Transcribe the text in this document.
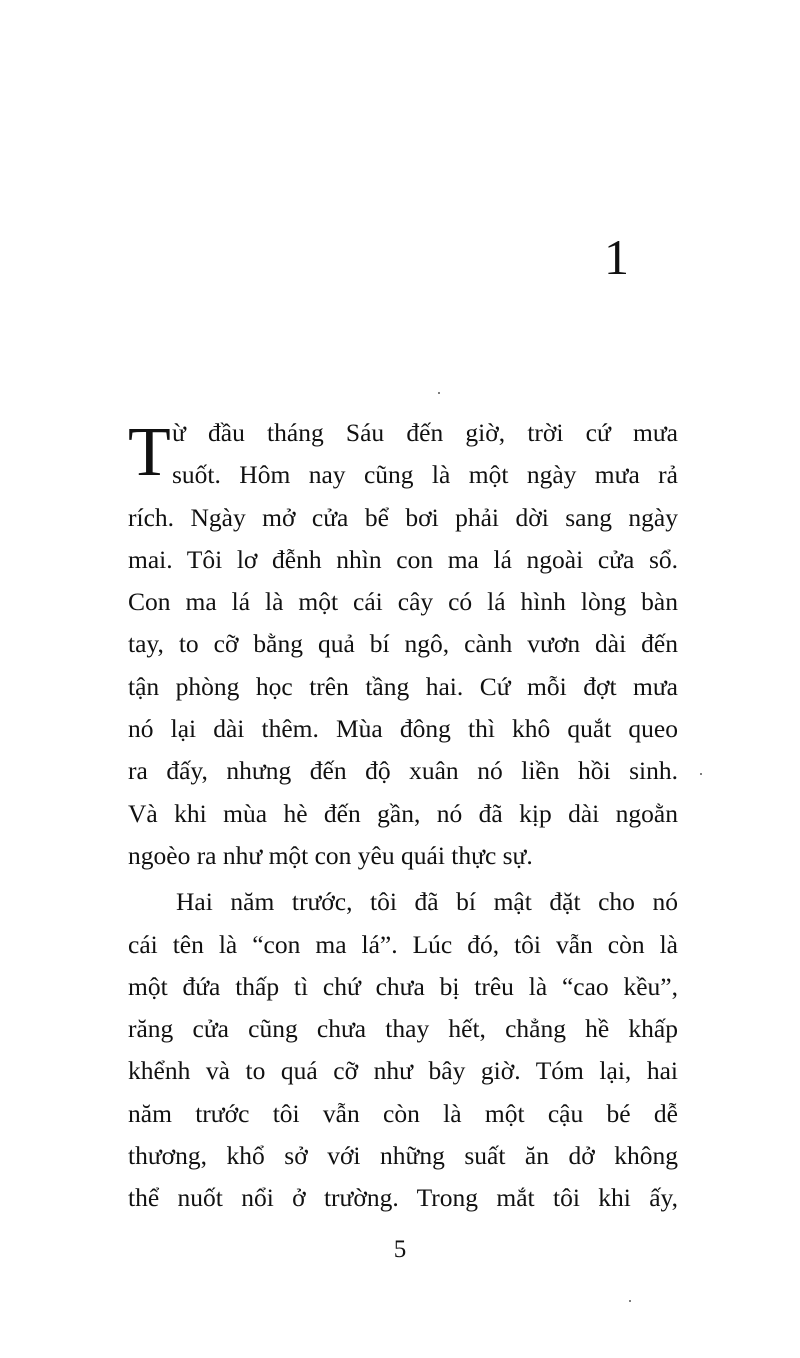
1
T ừ đầu tháng Sáu đến giờ, trời cứ mưa
suốt. Hôm nay cũng là một ngày mưa rả
rích. Ngày mở cửa bể bơi phải dời sang ngày
mai. Tôi lơ đễnh nhìn con ma lá ngoài cửa sổ.
Con ma lá là một cái cây có lá hình lòng bàn
tay, to cỡ bằng quả bí ngô, cành vươn dài đến
tận phòng học trên tầng hai. Cứ mỗi đợt mưa
nó lại dài thêm. Mùa đông thì khô quắt queo
ra đấy, nhưng đến độ xuân nó liền hồi sinh.
Và khi mùa hè đến gần, nó đã kịp dài ngoằn
ngoèo ra như một con yêu quái thực sự.
Hai năm trước, tôi đã bí mật đặt cho nó
cái tên là “con ma lá”. Lúc đó, tôi vẫn còn là
một đứa thấp tì chứ chưa bị trêu là “cao kều”,
răng cửa cũng chưa thay hết, chẳng hề khấp
khểnh và to quá cỡ như bây giờ. Tóm lại, hai
năm trước tôi vẫn còn là một cậu bé dễ
thương, khổ sở với những suất ăn dở không
thể nuốt nổi ở trường. Trong mắt tôi khi ấy,
5
